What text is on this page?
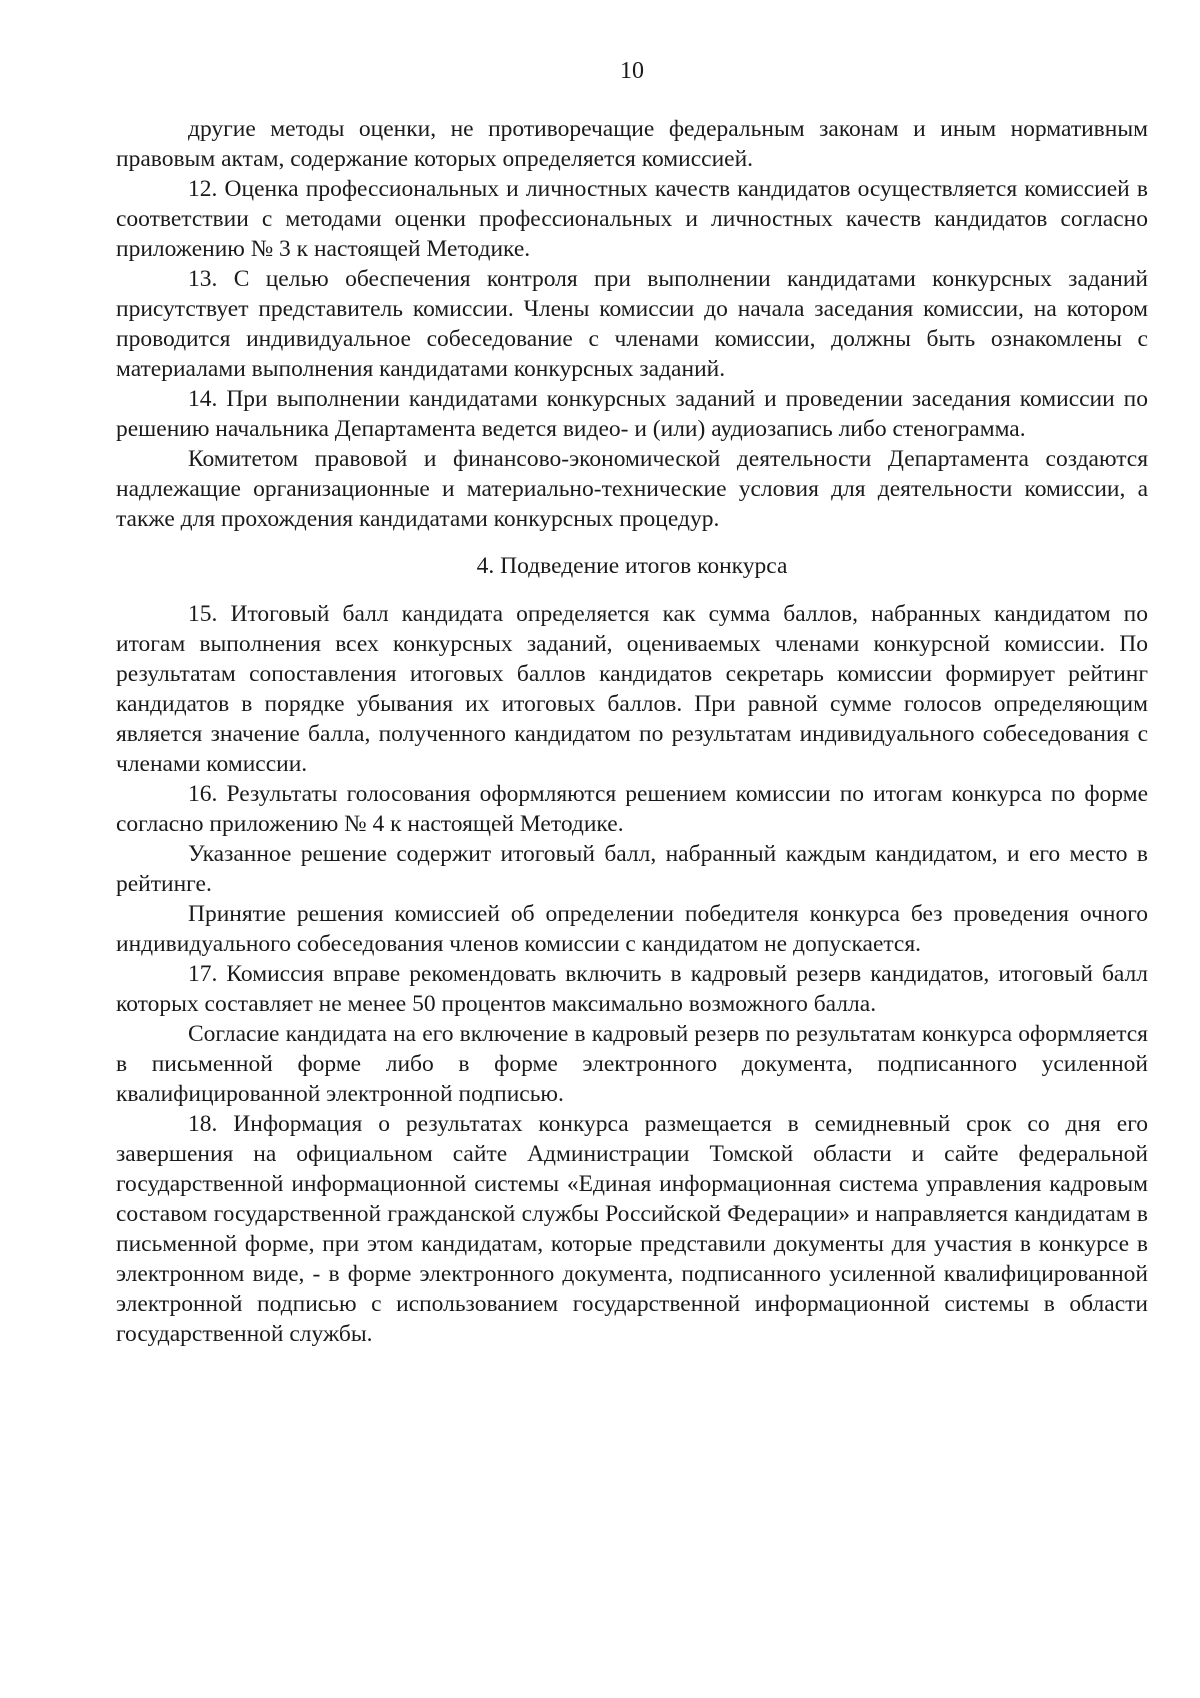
10

другие методы оценки, не противоречащие федеральным законам и иным нормативным правовым актам, содержание которых определяется комиссией.

12. Оценка профессиональных и личностных качеств кандидатов осуществляется комиссией в соответствии с методами оценки профессиональных и личностных качеств кандидатов согласно приложению № 3 к настоящей Методике.

13. С целью обеспечения контроля при выполнении кандидатами конкурсных заданий присутствует представитель комиссии. Члены комиссии до начала заседания комиссии, на котором проводится индивидуальное собеседование с членами комиссии, должны быть ознакомлены с материалами выполнения кандидатами конкурсных заданий.

14. При выполнении кандидатами конкурсных заданий и проведении заседания комиссии по решению начальника Департамента ведется видео- и (или) аудиозапись либо стенограмма.

Комитетом правовой и финансово-экономической деятельности Департамента создаются надлежащие организационные и материально-технические условия для деятельности комиссии, а также для прохождения кандидатами конкурсных процедур.

4. Подведение итогов конкурса

15. Итоговый балл кандидата определяется как сумма баллов, набранных кандидатом по итогам выполнения всех конкурсных заданий, оцениваемых членами конкурсной комиссии. По результатам сопоставления итоговых баллов кандидатов секретарь комиссии формирует рейтинг кандидатов в порядке убывания их итоговых баллов. При равной сумме голосов определяющим является значение балла, полученного кандидатом по результатам индивидуального собеседования с членами комиссии.

16. Результаты голосования оформляются решением комиссии по итогам конкурса по форме согласно приложению № 4 к настоящей Методике.

Указанное решение содержит итоговый балл, набранный каждым кандидатом, и его место в рейтинге.

Принятие решения комиссией об определении победителя конкурса без проведения очного индивидуального собеседования членов комиссии с кандидатом не допускается.

17. Комиссия вправе рекомендовать включить в кадровый резерв кандидатов, итоговый балл которых составляет не менее 50 процентов максимально возможного балла.

Согласие кандидата на его включение в кадровый резерв по результатам конкурса оформляется в письменной форме либо в форме электронного документа, подписанного усиленной квалифицированной электронной подписью.

18. Информация о результатах конкурса размещается в семидневный срок со дня его завершения на официальном сайте Администрации Томской области и сайте федеральной государственной информационной системы «Единая информационная система управления кадровым составом государственной гражданской службы Российской Федерации» и направляется кандидатам в письменной форме, при этом кандидатам, которые представили документы для участия в конкурсе в электронном виде, - в форме электронного документа, подписанного усиленной квалифицированной электронной подписью с использованием государственной информационной системы в области государственной службы.
